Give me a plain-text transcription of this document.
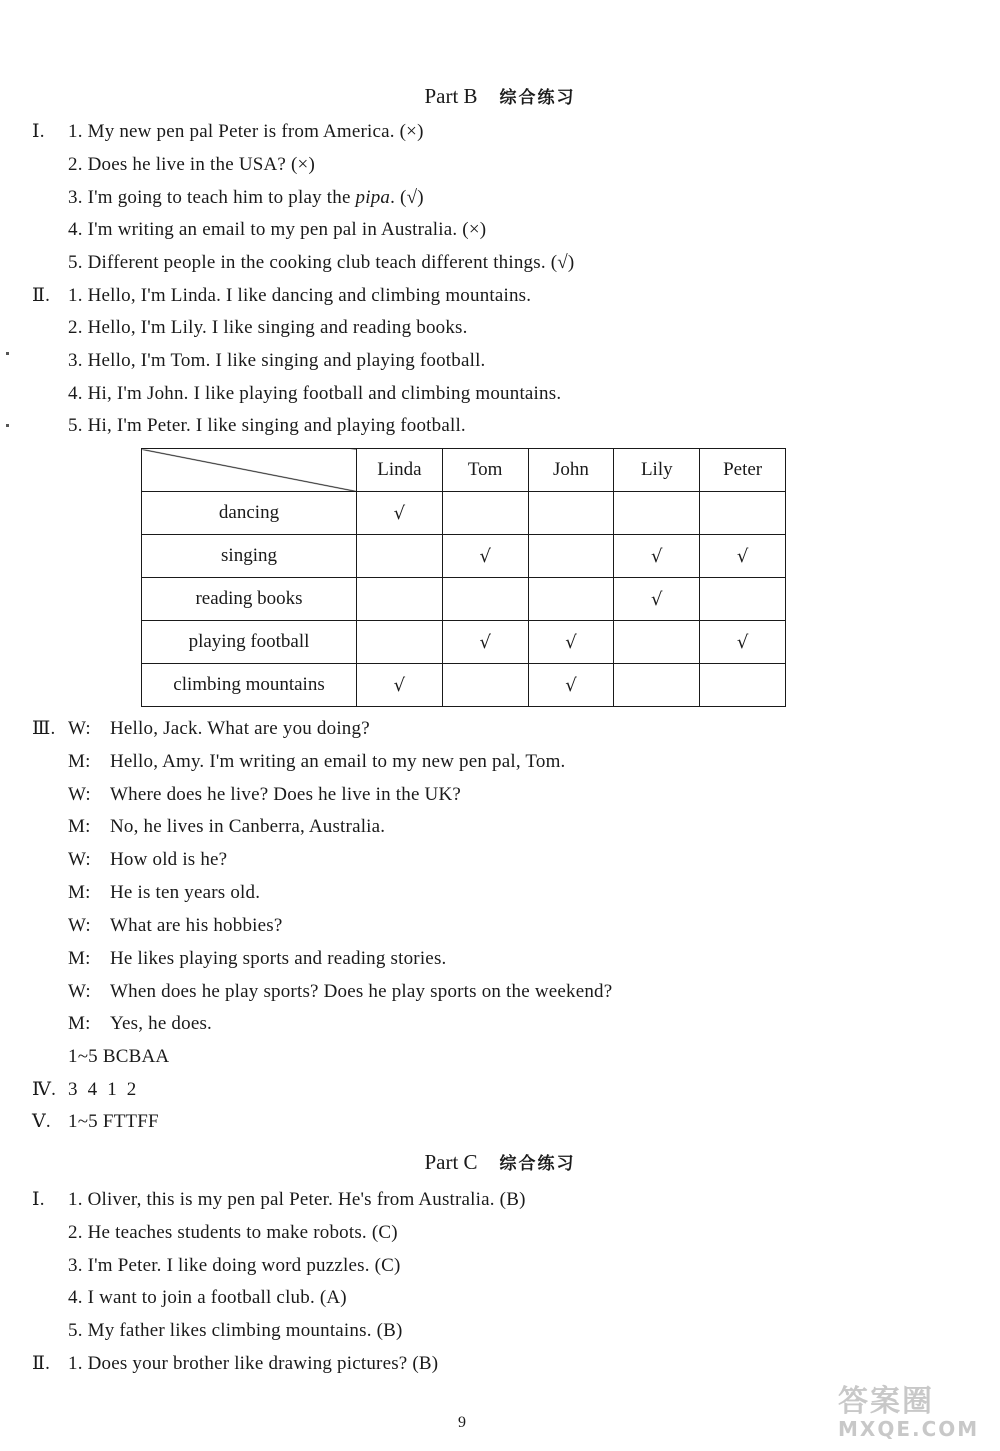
Part B 综合练习
Ⅰ. 1. My new pen pal Peter is from America. (×)
2. Does he live in the USA? (×)
3. I'm going to teach him to play the pipa. (√)
4. I'm writing an email to my pen pal in Australia. (×)
5. Different people in the cooking club teach different things. (√)
Ⅱ. 1. Hello, I'm Linda. I like dancing and climbing mountains.
2. Hello, I'm Lily. I like singing and reading books.
3. Hello, I'm Tom. I like singing and playing football.
4. Hi, I'm John. I like playing football and climbing mountains.
5. Hi, I'm Peter. I like singing and playing football.
	Linda	Tom	John	Lily	Peter
dancing	√				
singing		√		√	√
reading books				√	
playing football		√	√		√
climbing mountains	√		√		
Ⅲ. W: Hello, Jack. What are you doing?
M: Hello, Amy. I'm writing an email to my new pen pal, Tom.
W: Where does he live? Does he live in the UK?
M: No, he lives in Canberra, Australia.
W: How old is he?
M: He is ten years old.
W: What are his hobbies?
M: He likes playing sports and reading stories.
W: When does he play sports? Does he play sports on the weekend?
M: Yes, he does.
1~5 BCBAA
Ⅳ. 3  4  1  2
Ⅴ. 1~5 FTTFF
Part C 综合练习
Ⅰ. 1. Oliver, this is my pen pal Peter. He's from Australia. (B)
2. He teaches students to make robots. (C)
3. I'm Peter. I like doing word puzzles. (C)
4. I want to join a football club. (A)
5. My father likes climbing mountains. (B)
Ⅱ. 1. Does your brother like drawing pictures? (B)
9
答案圈
MXQE.COM
